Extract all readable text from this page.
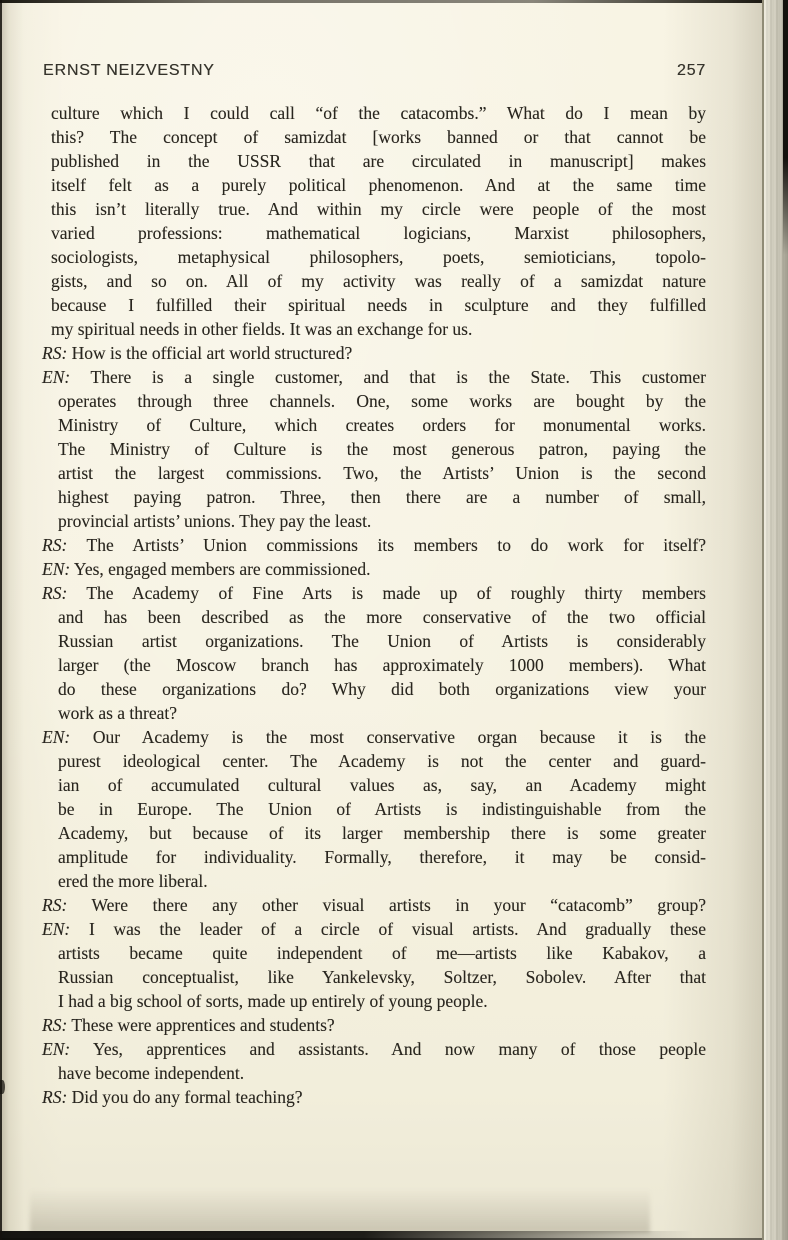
ERNST NEIZVESTNY	257
culture which I could call “of the catacombs.” What do I mean by
this? The concept of samizdat [works banned or that cannot be
published in the USSR that are circulated in manuscript] makes
itself felt as a purely political phenomenon. And at the same time
this isn’t literally true. And within my circle were people of the most
varied professions: mathematical logicians, Marxist philosophers,
sociologists, metaphysical philosophers, poets, semioticians, topolo-
gists, and so on. All of my activity was really of a samizdat nature
because I fulfilled their spiritual needs in sculpture and they fulfilled
my spiritual needs in other fields. It was an exchange for us.
RS: How is the official art world structured?
EN: There is a single customer, and that is the State. This customer
operates through three channels. One, some works are bought by the
Ministry of Culture, which creates orders for monumental works.
The Ministry of Culture is the most generous patron, paying the
artist the largest commissions. Two, the Artists’ Union is the second
highest paying patron. Three, then there are a number of small,
provincial artists’ unions. They pay the least.
RS: The Artists’ Union commissions its members to do work for itself?
EN: Yes, engaged members are commissioned.
RS: The Academy of Fine Arts is made up of roughly thirty members
and has been described as the more conservative of the two official
Russian artist organizations. The Union of Artists is considerably
larger (the Moscow branch has approximately 1000 members). What
do these organizations do? Why did both organizations view your
work as a threat?
EN: Our Academy is the most conservative organ because it is the
purest ideological center. The Academy is not the center and guard-
ian of accumulated cultural values as, say, an Academy might
be in Europe. The Union of Artists is indistinguishable from the
Academy, but because of its larger membership there is some greater
amplitude for individuality. Formally, therefore, it may be consid-
ered the more liberal.
RS: Were there any other visual artists in your “catacomb” group?
EN: I was the leader of a circle of visual artists. And gradually these
artists became quite independent of me—artists like Kabakov, a
Russian conceptualist, like Yankelevsky, Soltzer, Sobolev. After that
I had a big school of sorts, made up entirely of young people.
RS: These were apprentices and students?
EN: Yes, apprentices and assistants. And now many of those people
have become independent.
RS: Did you do any formal teaching?
